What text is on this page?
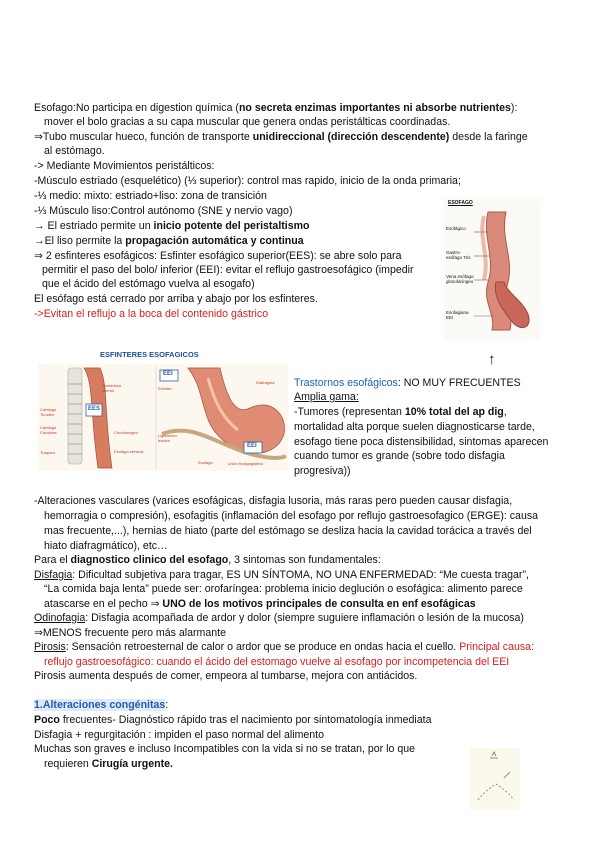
Esofago:No participa en digestion química (no secreta enzimas importantes ni absorbe nutrientes):
mover el bolo gracias a su capa muscular que genera ondas peristálticas coordinadas.
⇒Tubo muscular hueco, función de transporte unidireccional (dirección descendente) desde la faringe
al estómago.
-> Mediante Movimientos peristálticos:
-Músculo estriado (esquelético) (⅓ superior): control mas rapido, inicio de la onda primaria;
-⅓ medio: mixto: estriado+liso: zona de transición
-⅓ Músculo liso:Control autónomo (SNE y nervio vago)
→ El estriado permite un inicio potente del peristaltismo
→El liso permite la propagación automática y continua
⇒ 2 esfinteres esofágicos: Esfinter esofágico superior(EES): se abre solo para
permitir el paso del bolo/ inferior (EEI): evitar el reflujo gastroesofágico (impedir
que el ácido del estómago vuelva al esogafo)
El esófago está cerrado por arriba y abajo por los esfinteres.
->Evitan el reflujo a la boca del contenido gástrico
ESOFAGO
Esofágico
Gastro-esófago Tris
Vena esófago glosofaríngeo
Esofagiana EEI
↑
ESFINTERES ESOFAGICOS
Constrictor inferior
EES
Cartílago Tiroides
Cartílago Cricoides
Tráquea
Cricofaringeo
Esofago cervical
EEI
Esfínter
Ligamento frénico
Diafragma
EEI
Esófago	Unión esofagogástrica
Trastornos esofágicos: NO MUY FRECUENTES
Amplia gama:
-Tumores (representan 10% total del ap dig,
mortalidad alta porque suelen diagnosticarse tarde,
esofago tiene poca distensibilidad, sintomas aparecen
cuando tumor es grande (sobre todo disfagia
progresiva))
-Alteraciones vasculares (varices esofágicas, disfagia lusoria, más raras pero pueden causar disfagia,
hemorragia o compresión), esofagitis (inflamación del esofago por reflujo gastroesofagico (ERGE): causa
mas frecuente,...), hernias de hiato (parte del estómago se desliza hacia la cavidad torácica a través del
hiato diafragmático), etc…
Para el diagnostico clinico del esofago, 3 sintomas son fundamentales:
Disfagia: Dificultad subjetiva para tragar, ES UN SÍNTOMA, NO UNA ENFERMEDAD: “Me cuesta tragar”,
“La comida baja lenta” puede ser: orofaríngea: problema inicio deglución o esofágica: alimento parece
atascarse en el pecho ⇒ UNO de los motivos principales de consulta en enf esofágicas
Odinofagia: Disfagia acompañada de ardor y dolor (siempre suguiere inflamación o lesión de la mucosa)
⇒MENOS frecuente pero más alarmante
Pirosis: Sensación retroesternal de calor o ardor que se produce en ondas hacia el cuello. Principal causa:
reflujo gastroesofágico: cuando el ácido del estomago vuelve al esofago por incompetencia del EEI
Pirosis aumenta después de comer, empeora al tumbarse, mejora con antiácidos.
1.Alteraciones congénitas:
Poco frecuentes- Diagnóstico rápido tras el nacimiento por sintomatología inmediata
Disfagia + regurgitación : impiden el paso normal del alimento
Muchas son graves e incluso Incompatibles con la vida si no se tratan, por lo que
requieren Cirugía urgente.
